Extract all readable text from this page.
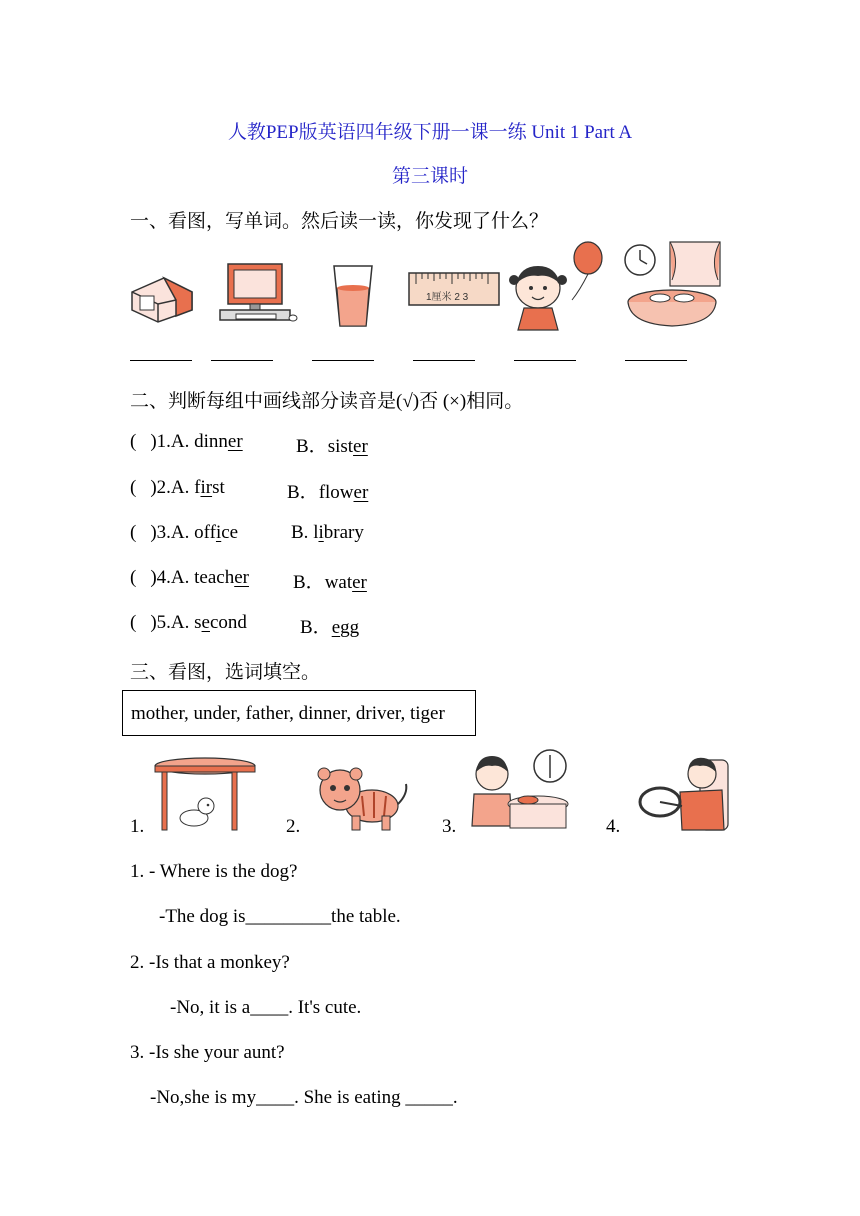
人教PEP版英语四年级下册一课一练 Unit 1 Part A
第三课时
一、看图，写单词。然后读一读，你发现了什么？
1厘米 2 3
二、判断每组中画线部分读音是(√)否 (×)相同。
( )1.A. dinner	B．sister
( )2.A. first	B．flower
( )3.A. office	B. library
( )4.A. teacher B．water
( )5.A. second	B．egg
三、看图，选词填空。
mother, under, father, dinner, driver, tiger
1.	2.	3.	4.
1. - Where is the dog?
-The dog is_________the table.
2. -Is that a monkey?
-No, it is a____. It's cute.
3. -Is she your aunt?
-No,she is my____. She is eating _____.
